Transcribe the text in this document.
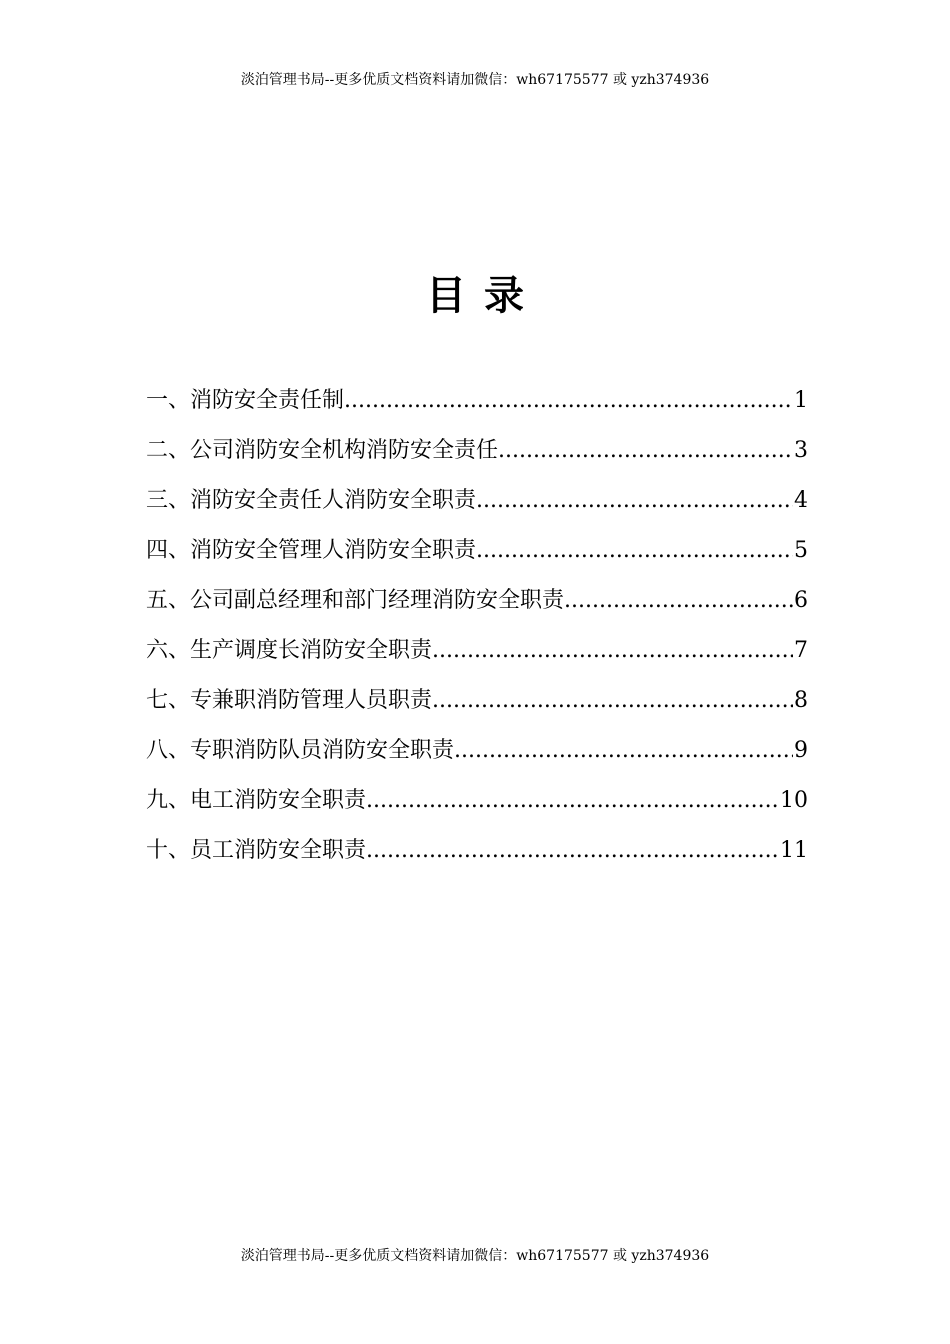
淡泊管理书局--更多优质文档资料请加微信：wh67175577 或 yzh374936
目录
一、消防安全责任制 .....	1
二、公司消防安全机构消防安全责任 .....	3
三、消防安全责任人消防安全职责 .....	4
四、消防安全管理人消防安全职责 .....	5
五、公司副总经理和部门经理消防安全职责 .....	6
六、生产调度长消防安全职责 .....	7
七、专兼职消防管理人员职责 .....	8
八、专职消防队员消防安全职责 .....	9
九、电工消防安全职责 .....	10
十、员工消防安全职责 .....	11
淡泊管理书局--更多优质文档资料请加微信：wh67175577 或 yzh374936
